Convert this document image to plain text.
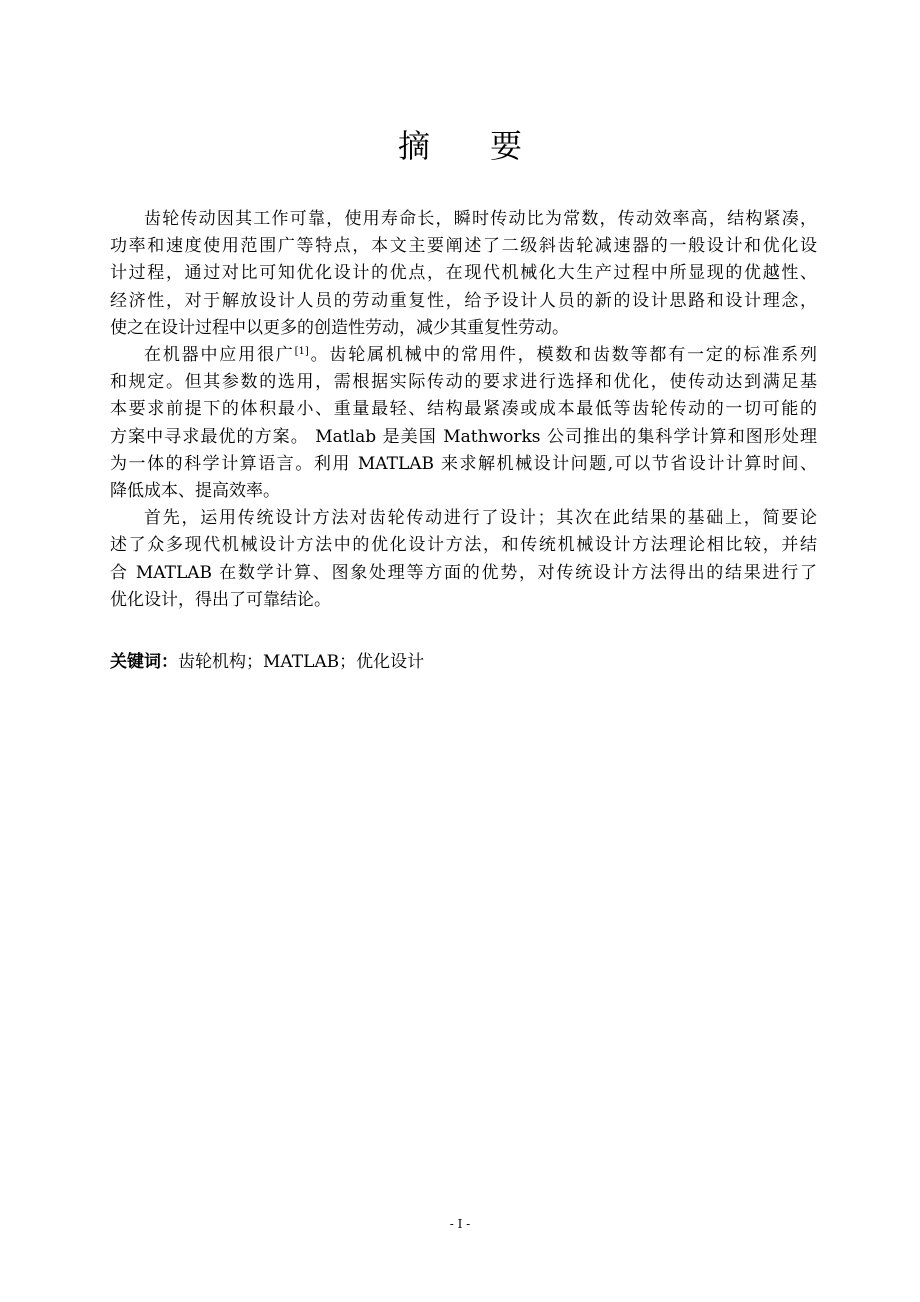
摘 要
齿轮传动因其工作可靠，使用寿命长，瞬时传动比为常数，传动效率高，结构紧凑，
功率和速度使用范围广等特点，本文主要阐述了二级斜齿轮减速器的一般设计和优化设
计过程，通过对比可知优化设计的优点，在现代机械化大生产过程中所显现的优越性、
经济性，对于解放设计人员的劳动重复性，给予设计人员的新的设计思路和设计理念，
使之在设计过程中以更多的创造性劳动，减少其重复性劳动。
在机器中应用很广[1]。齿轮属机械中的常用件，模数和齿数等都有一定的标准系列
和规定。但其参数的选用，需根据实际传动的要求进行选择和优化，使传动达到满足基
本要求前提下的体积最小、重量最轻、结构最紧凑或成本最低等齿轮传动的一切可能的
方案中寻求最优的方案。 Matlab 是美国 Mathworks 公司推出的集科学计算和图形处理
为一体的科学计算语言。利用 MATLAB 来求解机械设计问题,可以节省设计计算时间、
降低成本、提高效率。
首先，运用传统设计方法对齿轮传动进行了设计；其次在此结果的基础上，简要论
述了众多现代机械设计方法中的优化设计方法，和传统机械设计方法理论相比较，并结
合 MATLAB 在数学计算、图象处理等方面的优势，对传统设计方法得出的结果进行了
优化设计，得出了可靠结论。
关键词：齿轮机构；MATLAB；优化设计
- I -
